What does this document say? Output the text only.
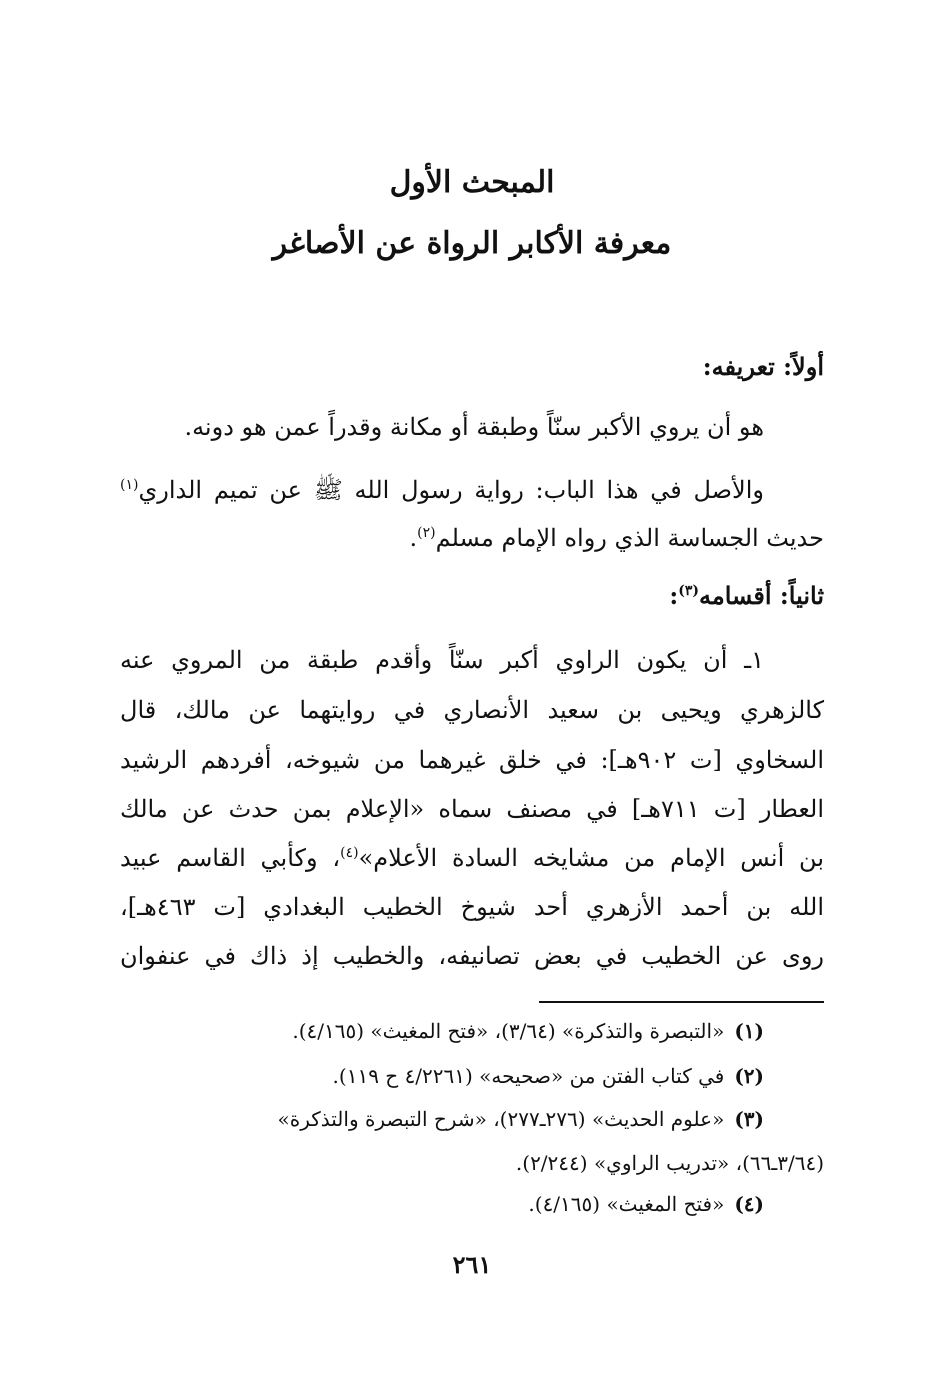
المبحث الأول
معرفة الأكابر الرواة عن الأصاغر
أولاً: تعريفه:
هو أن يروي الأكبر سنّاً وطبقة أو مكانة وقدراً عمن هو دونه.
والأصل في هذا الباب: رواية رسول الله ﷺ عن تميم الداري$^{(١)}$
حديث الجساسة الذي رواه الإمام مسلم$^{(٢)}$.
ثانياً: أقسامه$^{(٣)}$:
١ـ أن يكون الراوي أكبر سنّاً وأقدم طبقة من المروي عنه
كالزهري ويحيى بن سعيد الأنصاري في روايتهما عن مالك، قال
السخاوي [ت ٩٠٢هـ]: في خلق غيرهما من شيوخه، أفردهم الرشيد
العطار [ت ٧١١هـ] في مصنف سماه «الإعلام بمن حدث عن مالك
بن أنس الإمام من مشايخه السادة الأعلام»$^{(٤)}$، وكأبي القاسم عبيد
الله بن أحمد الأزهري أحد شيوخ الخطيب البغدادي [ت ٤٦٣هـ]،
روى عن الخطيب في بعض تصانيفه، والخطيب إذ ذاك في عنفوان
(١)«التبصرة والتذكرة» (٣/٦٤)، «فتح المغيث» (٤/١٦٥).
(٢)في كتاب الفتن من «صحيحه» (٤/٢٢٦١ ح ١١٩).
(٣)«علوم الحديث» (٢٧٦ـ٢٧٧)، «شرح التبصرة والتذكرة»
(٣/٦٤ـ٦٦)، «تدريب الراوي» (٢/٢٤٤).
(٤)«فتح المغيث» (٤/١٦٥).
٢٦١
